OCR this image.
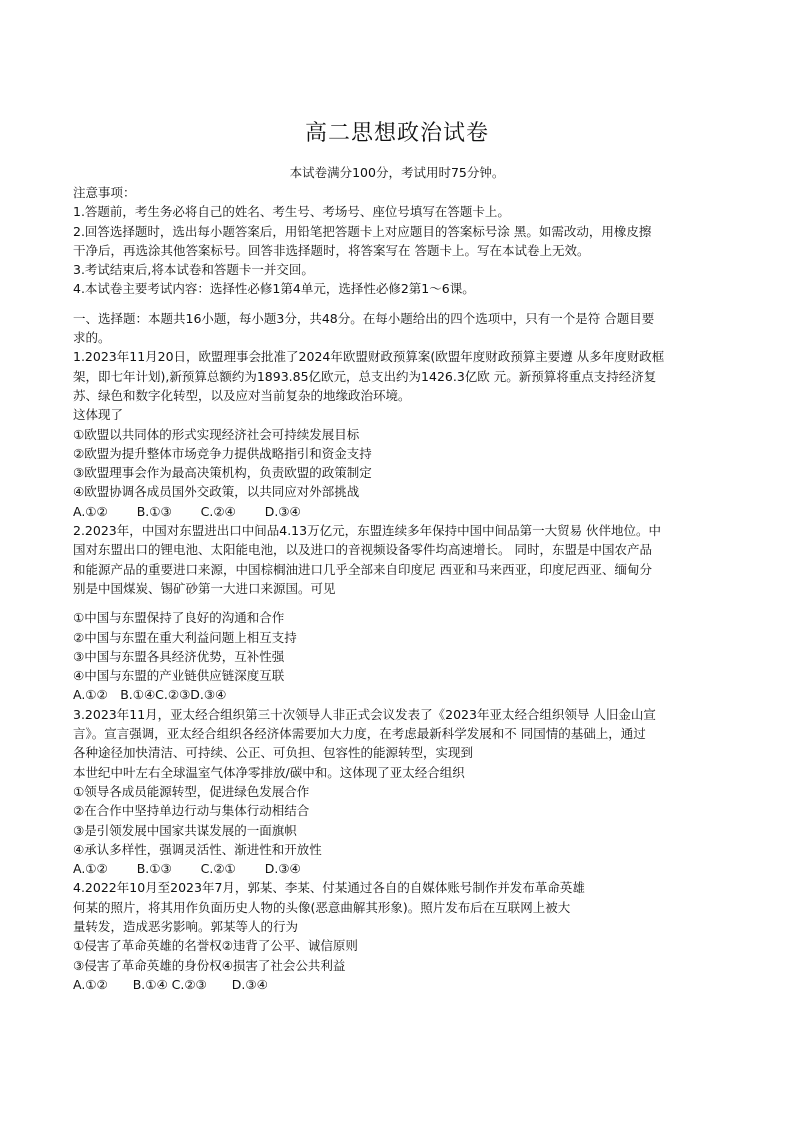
高二思想政治试卷
本试卷满分100分，考试用时75分钟。

注意事项：

1.答题前，考生务必将自己的姓名、考生号、考场号、座位号填写在答题卡上。

2.回答选择题时，选出每小题答案后，用铅笔把答题卡上对应题目的答案标号涂 黑。如需改动，用橡皮擦

干净后，再选涂其他答案标号。回答非选择题时，将答案写在 答题卡上。写在本试卷上无效。

3.考试结束后,将本试卷和答题卡一并交回。

4.本试卷主要考试内容：选择性必修1第4单元，选择性必修2第1～6课。

一、选择题：本题共16小题，每小题3分，共48分。在每小题给出的四个选项中，只有一个是符 合题目要

求的。

1.2023年11月20日，欧盟理事会批准了2024年欧盟财政预算案(欧盟年度财政预算主要遵 从多年度财政框

架，即七年计划),新预算总额约为1893.85亿欧元，总支出约为1426.3亿欧 元。新预算将重点支持经济复

苏、绿色和数字化转型，以及应对当前复杂的地缘政治环境。

这体现了

①欧盟以共同体的形式实现经济社会可持续发展目标

②欧盟为提升整体市场竞争力提供战略指引和资金支持

③欧盟理事会作为最高决策机构，负责欧盟的政策制定

④欧盟协调各成员国外交政策，以共同应对外部挑战

A.①②　　 B.①③　　 C.②④　　 D.③④

2.2023年，中国对东盟进出口中间品4.13万亿元，东盟连续多年保持中国中间品第一大贸易 伙伴地位。中

国对东盟出口的锂电池、太阳能电池，以及进口的音视频设备零件均高速增长。 同时，东盟是中国农产品

和能源产品的重要进口来源，中国棕榈油进口几乎全部来自印度尼 西亚和马来西亚，印度尼西亚、缅甸分

别是中国煤炭、锡矿砂第一大进口来源国。可见

①中国与东盟保持了良好的沟通和合作

②中国与东盟在重大利益问题上相互支持

③中国与东盟各具经济优势，互补性强

④中国与东盟的产业链供应链深度互联

A.①②　B.①④C.②③D.③④

3.2023年11月，亚太经合组织第三十次领导人非正式会议发表了《2023年亚太经合组织领导 人旧金山宣

言》。宣言强调，亚太经合组织各经济体需要加大力度，在考虑最新科学发展和不 同国情的基础上，通过

各种途径加快清洁、可持续、公正、可负担、包容性的能源转型，实现到

本世纪中叶左右全球温室气体净零排放/碳中和。这体现了亚太经合组织

①领导各成员能源转型，促进绿色发展合作

②在合作中坚持单边行动与集体行动相结合

③是引领发展中国家共谋发展的一面旗帜

④承认多样性，强调灵活性、渐进性和开放性

A.①②　　 B.①③　　 C.②①　　 D.③④

4.2022年10月至2023年7月，郭某、李某、付某通过各自的自媒体账号制作并发布革命英雄

何某的照片，将其用作负面历史人物的头像(恶意曲解其形象)。照片发布后在互联网上被大

量转发，造成恶劣影响。郭某等人的行为

①侵害了革命英雄的名誉权②违背了公平、诚信原则

③侵害了革命英雄的身份权④损害了社会公共利益

A.①②　　B.①④ C.②③　　D.③④
